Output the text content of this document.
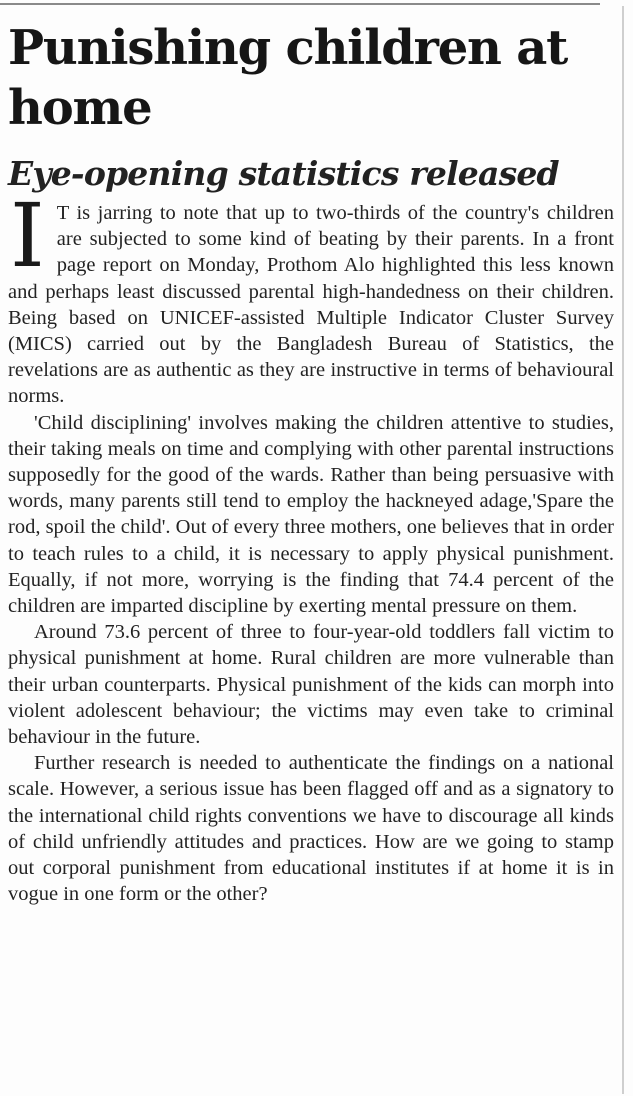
Punishing children at home
Eye-opening statistics released

I T is jarring to note that up to two-thirds of the country's children are subjected to some kind of beating by their parents. In a front page report on Monday, Prothom Alo highlighted this less known and perhaps least discussed parental high-handedness on their children. Being based on UNICEF-assisted Multiple Indicator Cluster Survey (MICS) carried out by the Bangladesh Bureau of Statistics, the revelations are as authentic as they are instructive in terms of behavioural norms.

'Child disciplining' involves making the children attentive to studies, their taking meals on time and complying with other parental instructions supposedly for the good of the wards. Rather than being persuasive with words, many parents still tend to employ the hackneyed adage,'Spare the rod, spoil the child'. Out of every three mothers, one believes that in order to teach rules to a child, it is necessary to apply physical punishment. Equally, if not more, worrying is the finding that 74.4 percent of the children are imparted discipline by exerting mental pressure on them.

Around 73.6 percent of three to four-year-old toddlers fall victim to physical punishment at home. Rural children are more vulnerable than their urban counterparts. Physical punishment of the kids can morph into violent adolescent behaviour; the victims may even take to criminal behaviour in the future.

Further research is needed to authenticate the findings on a national scale. However, a serious issue has been flagged off and as a signatory to the international child rights conventions we have to discourage all kinds of child unfriendly attitudes and practices. How are we going to stamp out corporal punishment from educational institutes if at home it is in vogue in one form or the other?
